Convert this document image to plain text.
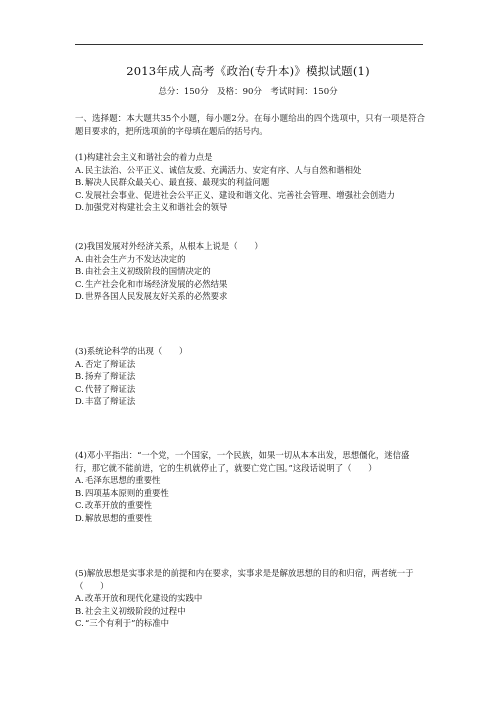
2013年成人高考《政治(专升本)》模拟试题(1)
总分：150分　及格：90分　考试时间：150分
一、选择题：本大题共35个小题，每小题2分。在每小题给出的四个选项中，只有一项是符合题目要求的，把所选项前的字母填在题后的括号内。
(1)构建社会主义和谐社会的着力点是
A.民主法治、公平正义、诚信友爱、充满活力、安定有序、人与自然和谐相处
B.解决人民群众最关心、最直接、最现实的利益问题
C.发展社会事业、促进社会公平正义、建设和谐文化、完善社会管理、增强社会创造力
D.加强党对构建社会主义和谐社会的领导
(2)我国发展对外经济关系，从根本上说是（　　）
A.由社会生产力不发达决定的
B.由社会主义初级阶段的国情决定的
C.生产社会化和市场经济发展的必然结果
D.世界各国人民发展友好关系的必然要求
(3)系统论科学的出现（　　）
A.否定了辩证法
B.扬弃了辩证法
C.代替了辩证法
D.丰富了辩证法
(4)邓小平指出：“一个党，一个国家，一个民族，如果一切从本本出发，思想僵化，迷信盛行，那它就不能前进，它的生机就停止了，就要亡党亡国。”这段话说明了（　　）
A.毛泽东思想的重要性
B.四项基本原则的重要性
C.改革开放的重要性
D.解放思想的重要性
(5)解放思想是实事求是的前提和内在要求，实事求是是解放思想的目的和归宿，两者统一于（　　）
A.改革开放和现代化建设的实践中
B.社会主义初级阶段的过程中
C.“三个有利于”的标准中
